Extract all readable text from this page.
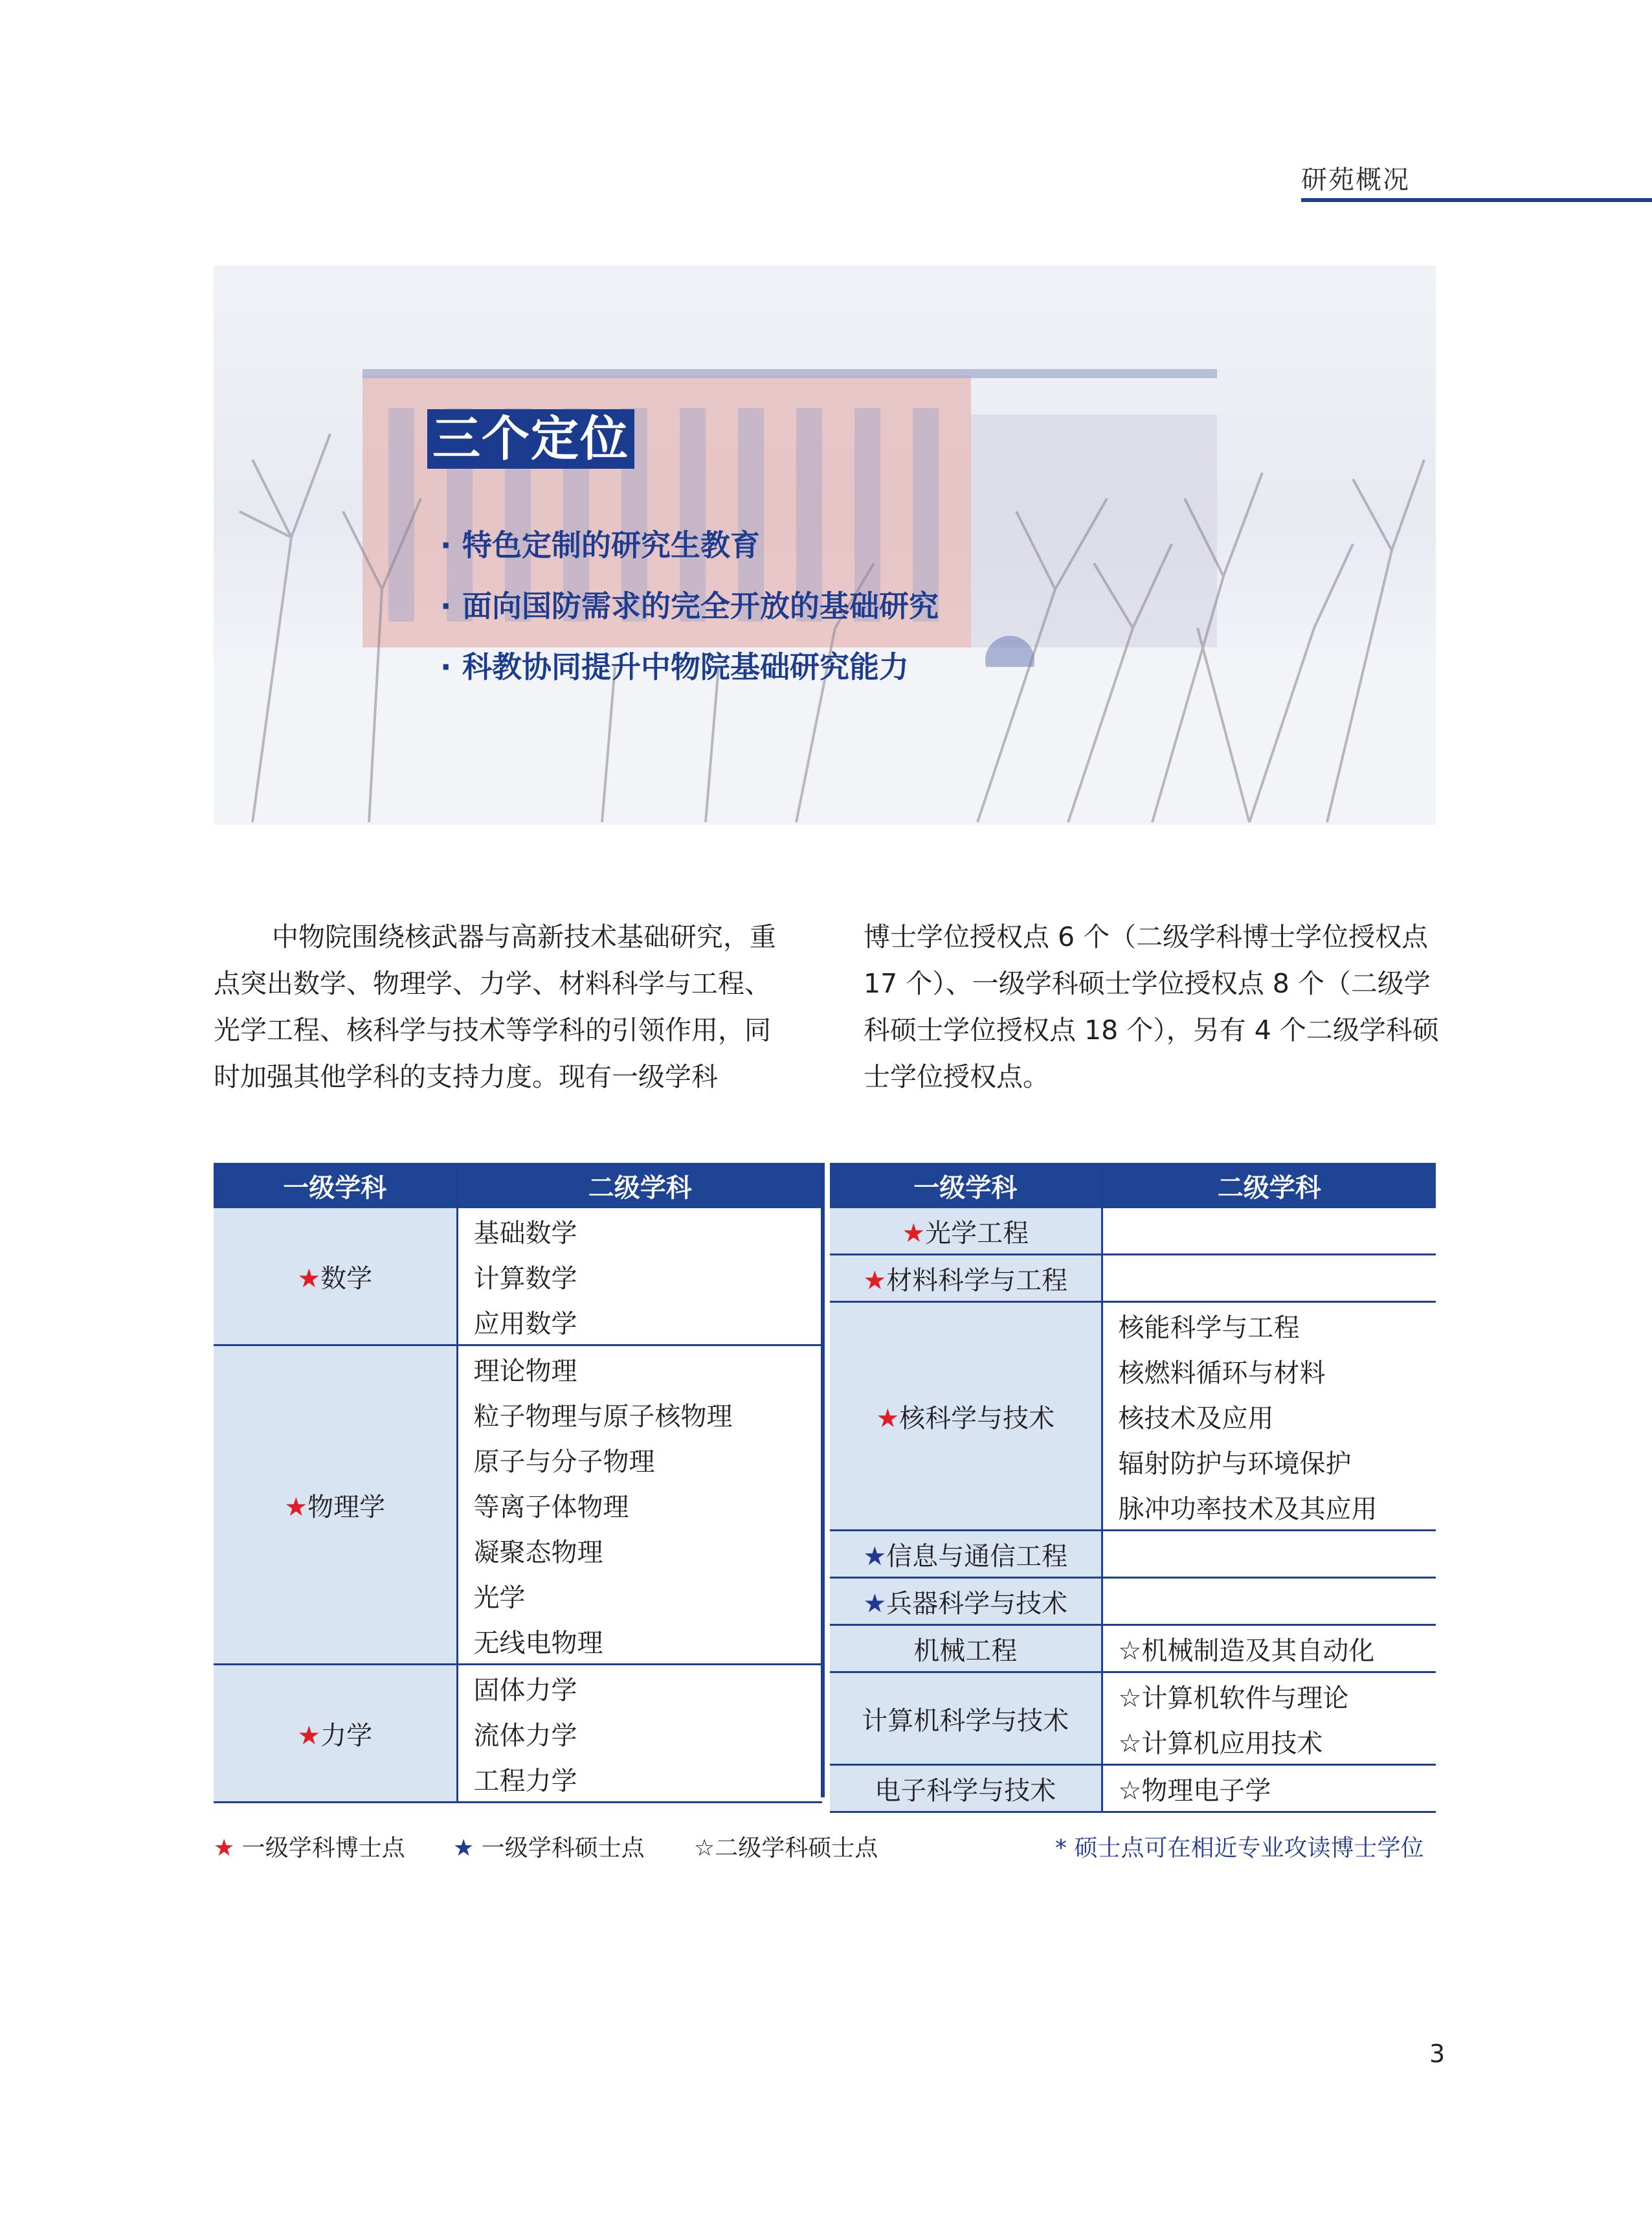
研苑概况
三个定位
· 特色定制的研究生教育
· 面向国防需求的完全开放的基础研究
· 科教协同提升中物院基础研究能力

中物院围绕核武器与高新技术基础研究，重点突出数学、物理学、力学、材料科学与工程、光学工程、核科学与技术等学科的引领作用，同时加强其他学科的支持力度。现有一级学科

博士学位授权点 6 个（二级学科博士学位授权点 17 个）、一级学科硕士学位授权点 8 个（二级学科硕士学位授权点 18 个），另有 4 个二级学科硕士学位授权点。

一级学科	二级学科
★数学	基础数学
	计算数学
	应用数学
★物理学	理论物理
	粒子物理与原子核物理
	原子与分子物理
	等离子体物理
	凝聚态物理
	光学
	无线电物理
★力学	固体力学
	流体力学
	工程力学
一级学科	二级学科
★光学工程	
★材料科学与工程	
★核科学与技术	核能科学与工程
	核燃料循环与材料
	核技术及应用
	辐射防护与环境保护
	脉冲功率技术及其应用
★信息与通信工程	
★兵器科学与技术	
机械工程	☆机械制造及其自动化
计算机科学与技术	☆计算机软件与理论
	☆计算机应用技术
电子科学与技术	☆物理电子学
★ 一级学科博士点 ★ 一级学科硕士点 ☆二级学科硕士点	* 硕士点可在相近专业攻读博士学位
3
